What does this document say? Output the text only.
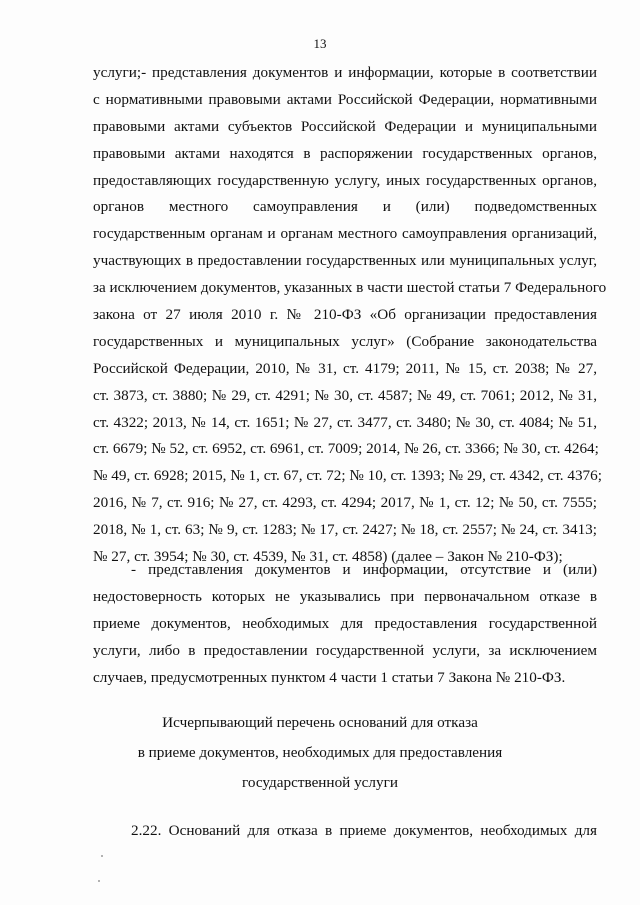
13
услуги;- представления документов и информации, которые в соответствии
с нормативными правовыми актами Российской Федерации, нормативными
правовыми актами субъектов Российской Федерации и муниципальными
правовыми актами находятся в распоряжении государственных органов,
предоставляющих государственную услугу, иных государственных органов,
органов местного самоуправления и (или) подведомственных
государственным органам и органам местного самоуправления организаций,
участвующих в предоставлении государственных или муниципальных услуг,
за исключением документов, указанных в части шестой статьи 7 Федерального
закона от 27 июля 2010 г. № 210-ФЗ «Об организации предоставления
государственных и муниципальных услуг» (Собрание законодательства
Российской Федерации, 2010, № 31, ст. 4179; 2011, № 15, ст. 2038; № 27,
ст. 3873, ст. 3880; № 29, ст. 4291; № 30, ст. 4587; № 49, ст. 7061; 2012, № 31,
ст. 4322; 2013, № 14, ст. 1651; № 27, ст. 3477, ст. 3480; № 30, ст. 4084; № 51,
ст. 6679; № 52, ст. 6952, ст. 6961, ст. 7009; 2014, № 26, ст. 3366; № 30, ст. 4264;
№ 49, ст. 6928; 2015, № 1, ст. 67, ст. 72; № 10, ст. 1393; № 29, ст. 4342, ст. 4376;
2016, № 7, ст. 916; № 27, ст. 4293, ст. 4294; 2017, № 1, ст. 12; № 50, ст. 7555;
2018, № 1, ст. 63; № 9, ст. 1283; № 17, ст. 2427; № 18, ст. 2557; № 24, ст. 3413;
№ 27, ст. 3954; № 30, ст. 4539, № 31, ст. 4858) (далее – Закон № 210-ФЗ);
- представления документов и информации, отсутствие и (или)
недостоверность которых не указывались при первоначальном отказе в
приеме документов, необходимых для предоставления государственной
услуги, либо в предоставлении государственной услуги, за исключением
случаев, предусмотренных пунктом 4 части 1 статьи 7 Закона № 210-ФЗ.
Исчерпывающий перечень оснований для отказа
в приеме документов, необходимых для предоставления
государственной услуги
2.22. Оснований для отказа в приеме документов, необходимых для
